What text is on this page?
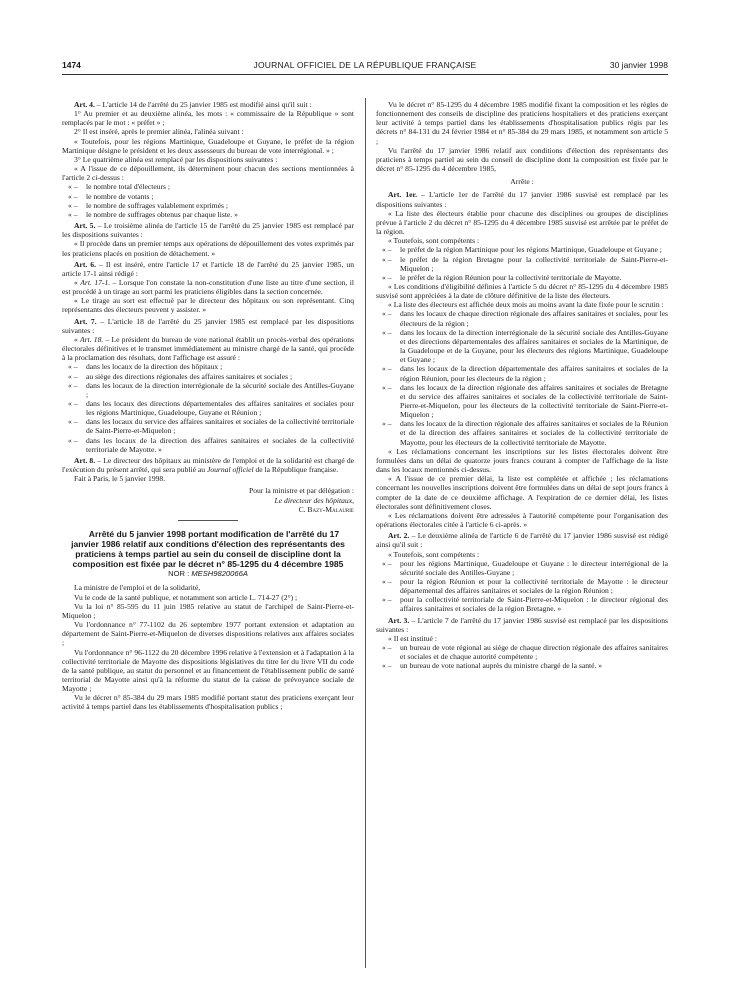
1474	JOURNAL OFFICIEL DE LA RÉPUBLIQUE FRANÇAISE	30 janvier 1998

Art. 4. – L'article 14 de l'arrêté du 25 janvier 1985 est modifié ainsi qu'il suit :

1° Au premier et au deuxième alinéa, les mots : « commissaire de la République » sont remplacés par le mot : « préfet » ;

2° Il est inséré, après le premier alinéa, l'alinéa suivant :

« Toutefois, pour les régions Martinique, Guadeloupe et Guyane, le préfet de la région Martinique désigne le président et les deux assesseurs du bureau de vote interrégional. » ;

3° Le quatrième alinéa est remplacé par les dispositions suivantes :

« A l'issue de ce dépouillement, ils déterminent pour chacun des sections mentionnées à l'article 2 ci-dessus :

« – le nombre total d'électeurs ;

« – le nombre de votants ;

« – le nombre de suffrages valablement exprimés ;

« – le nombre de suffrages obtenus par chaque liste. »

Art. 5. – Le troisième alinéa de l'article 15 de l'arrêté du 25 janvier 1985 est remplacé par les dispositions suivantes :

« Il procède dans un premier temps aux opérations de dépouillement des votes exprimés par les praticiens placés en position de détachement. »

Art. 6. – Il est inséré, entre l'article 17 et l'article 18 de l'arrêté du 25 janvier 1985, un article 17-1 ainsi rédigé :

« Art. 17-1. – Lorsque l'on constate la non-constitution d'une liste au titre d'une section, il est procédé à un tirage au sort parmi les praticiens éligibles dans la section concernée.

« Le tirage au sort est effectué par le directeur des hôpitaux ou son représentant. Cinq représentants des électeurs peuvent y assister. »

Art. 7. – L'article 18 de l'arrêté du 25 janvier 1985 est remplacé par les dispositions suivantes :

« Art. 18. – Le président du bureau de vote national établit un procès-verbal des opérations électorales définitives et le transmet immédiatement au ministre chargé de la santé, qui procède à la proclamation des résultats, dont l'affichage est assuré :

« – dans les locaux de la direction des hôpitaux ;

« – au siège des directions régionales des affaires sanitaires et sociales ;

« – dans les locaux de la direction interrégionale de la sécurité sociale des Antilles-Guyane ;

« – dans les locaux des directions départementales des affaires sanitaires et sociales pour les régions Martinique, Guadeloupe, Guyane et Réunion ;

« – dans les locaux du service des affaires sanitaires et sociales de la collectivité territoriale de Saint-Pierre-et-Miquelon ;

« – dans les locaux de la direction des affaires sanitaires et sociales de la collectivité territoriale de Mayotte. »

Art. 8. – Le directeur des hôpitaux au ministère de l'emploi et de la solidarité est chargé de l'exécution du présent arrêté, qui sera publié au Journal officiel de la République française.

Fait à Paris, le 5 janvier 1998.

Pour la ministre et par délégation :

Le directeur des hôpitaux,

C. Bazy-Malaurie

Arrêté du 5 janvier 1998 portant modification de l'arrêté du 17 janvier 1986 relatif aux conditions d'élection des représentants des praticiens à temps partiel au sein du conseil de discipline dont la composition est fixée par le décret n° 85-1295 du 4 décembre 1985

NOR : MESH9820066A

La ministre de l'emploi et de la solidarité,

Vu le code de la santé publique, et notamment son article L. 714-27 (2°) ;

Vu la loi n° 85-595 du 11 juin 1985 relative au statut de l'archipel de Saint-Pierre-et-Miquelon ;

Vu l'ordonnance n° 77-1102 du 26 septembre 1977 portant extension et adaptation au département de Saint-Pierre-et-Miquelon de diverses dispositions relatives aux affaires sociales ;

Vu l'ordonnance n° 96-1122 du 20 décembre 1996 relative à l'extension et à l'adaptation à la collectivité territoriale de Mayotte des dispositions législatives du titre Ier du livre VII du code de la santé publique, au statut du personnel et au financement de l'établissement public de santé territorial de Mayotte ainsi qu'à la réforme du statut de la caisse de prévoyance sociale de Mayotte ;

Vu le décret n° 85-384 du 29 mars 1985 modifié portant statut des praticiens exerçant leur activité à temps partiel dans les établissements d'hospitalisation publics ;

Vu le décret n° 85-1295 du 4 décembre 1985 modifié fixant la composition et les règles de fonctionnement des conseils de discipline des praticiens hospitaliers et des praticiens exerçant leur activité à temps partiel dans les établissements d'hospitalisation publics régis par les décrets n° 84-131 du 24 février 1984 et n° 85-384 du 29 mars 1985, et notamment son article 5 ;

Vu l'arrêté du 17 janvier 1986 relatif aux conditions d'élection des représentants des praticiens à temps partiel au sein du conseil de discipline dont la composition est fixée par le décret n° 85-1295 du 4 décembre 1985,

Arrête :

Art. 1er. – L'article 1er de l'arrêté du 17 janvier 1986 susvisé est remplacé par les dispositions suivantes :

« La liste des électeurs établie pour chacune des disciplines ou groupes de disciplines prévue à l'article 2 du décret n° 85-1295 du 4 décembre 1985 susvisé est arrêtée par le préfet de la région.

« Toutefois, sont compétents :

« – le préfet de la région Martinique pour les régions Martinique, Guadeloupe et Guyane ;

« – le préfet de la région Bretagne pour la collectivité territoriale de Saint-Pierre-et-Miquelon ;

« – le préfet de la région Réunion pour la collectivité territoriale de Mayotte.

« Les conditions d'éligibilité définies à l'article 5 du décret n° 85-1295 du 4 décembre 1985 susvisé sont appréciées à la date de clôture définitive de la liste des électeurs.

« La liste des électeurs est affichée deux mois au moins avant la date fixée pour le scrutin :

« – dans les locaux de chaque direction régionale des affaires sanitaires et sociales, pour les électeurs de la région ;

« – dans les locaux de la direction interrégionale de la sécurité sociale des Antilles-Guyane et des directions départementales des affaires sanitaires et sociales de la Martinique, de la Guadeloupe et de la Guyane, pour les électeurs des régions Martinique, Guadeloupe et Guyane ;

« – dans les locaux de la direction départementale des affaires sanitaires et sociales de la région Réunion, pour les électeurs de la région ;

« – dans les locaux de la direction régionale des affaires sanitaires et sociales de Bretagne et du service des affaires sanitaires et sociales de la collectivité territoriale de Saint-Pierre-et-Miquelon, pour les électeurs de la collectivité territoriale de Saint-Pierre-et-Miquelon ;

« – dans les locaux de la direction régionale des affaires sanitaires et sociales de la Réunion et de la direction des affaires sanitaires et sociales de la collectivité territoriale de Mayotte, pour les électeurs de la collectivité territoriale de Mayotte.

« Les réclamations concernant les inscriptions sur les listes électorales doivent être formulées dans un délai de quatorze jours francs courant à compter de l'affichage de la liste dans les locaux mentionnés ci-dessus.

« A l'issue de ce premier délai, la liste est complétée et affichée ; les réclamations concernant les nouvelles inscriptions doivent être formulées dans un délai de sept jours francs à compter de la date de ce deuxième affichage. A l'expiration de ce dernier délai, les listes électorales sont définitivement closes.

« Les réclamations doivent être adressées à l'autorité compétente pour l'organisation des opérations électorales citée à l'article 6 ci-après. »

Art. 2. – Le deuxième alinéa de l'article 6 de l'arrêté du 17 janvier 1986 susvisé est rédigé ainsi qu'il suit :

« Toutefois, sont compétents :

« – pour les régions Martinique, Guadeloupe et Guyane : le directeur interrégional de la sécurité sociale des Antilles-Guyane ;

« – pour la région Réunion et pour la collectivité territoriale de Mayotte : le directeur départemental des affaires sanitaires et sociales de la région Réunion ;

« – pour la collectivité territoriale de Saint-Pierre-et-Miquelon : le directeur régional des affaires sanitaires et sociales de la région Bretagne. »

Art. 3. – L'article 7 de l'arrêté du 17 janvier 1986 susvisé est remplacé par les dispositions suivantes :

« Il est institué :

« – un bureau de vote régional au siège de chaque direction régionale des affaires sanitaires et sociales et de chaque autorité compétente ;

« – un bureau de vote national auprès du ministre chargé de la santé. »
